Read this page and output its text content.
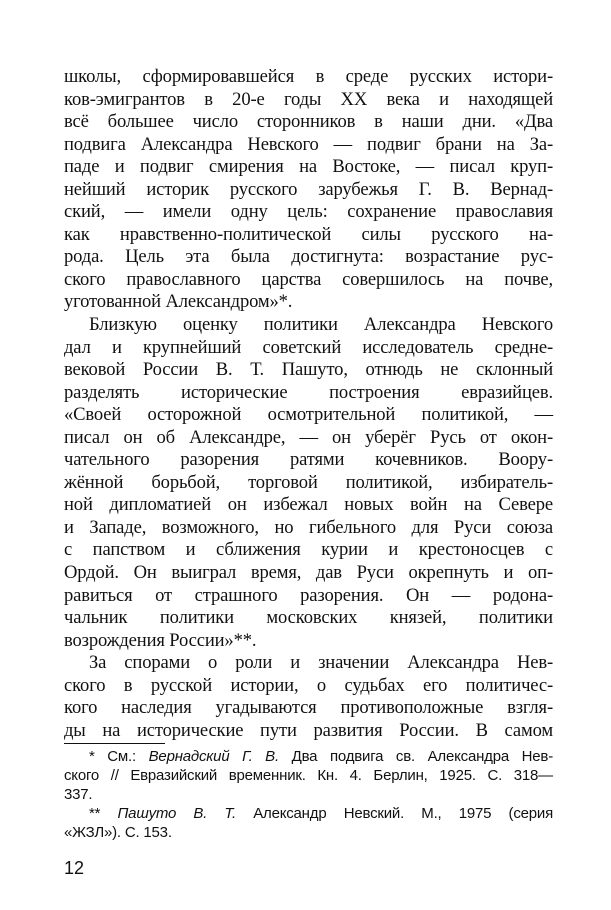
школы, сформировавшейся в среде русских истори-
ков-эмигрантов в 20-е годы XX века и находящей
всё большее число сторонников в наши дни. «Два
подвига Александра Невского — подвиг брани на За-
паде и подвиг смирения на Востоке, — писал круп-
нейший историк русского зарубежья Г. В. Вернад-
ский, — имели одну цель: сохранение православия
как нравственно-политической силы русского на-
рода. Цель эта была достигнута: возрастание рус-
ского православного царства совершилось на почве,
уготованной Александром»*.
Близкую оценку политики Александра Невского
дал и крупнейший советский исследователь средне-
вековой России В. Т. Пашуто, отнюдь не склонный
разделять исторические построения евразийцев.
«Своей осторожной осмотрительной политикой, —
писал он об Александре, — он уберёг Русь от окон-
чательного разорения ратями кочевников. Воору-
жённой борьбой, торговой политикой, избиратель-
ной дипломатией он избежал новых войн на Севере
и Западе, возможного, но гибельного для Руси союза
с папством и сближения курии и крестоносцев с
Ордой. Он выиграл время, дав Руси окрепнуть и оп-
равиться от страшного разорения. Он — родона-
чальник политики московских князей, политики
возрождения России»**.
За спорами о роли и значении Александра Нев-
ского в русской истории, о судьбах его политичес-
кого наследия угадываются противоположные взгля-
ды на исторические пути развития России. В самом
* См.: Вернадский Г. В. Два подвига св. Александра Нев-
ского // Евразийский временник. Кн. 4. Берлин, 1925. С. 318—
337.
** Пашуто В. Т. Александр Невский. М., 1975 (серия
«ЖЗЛ»). С. 153.
12
